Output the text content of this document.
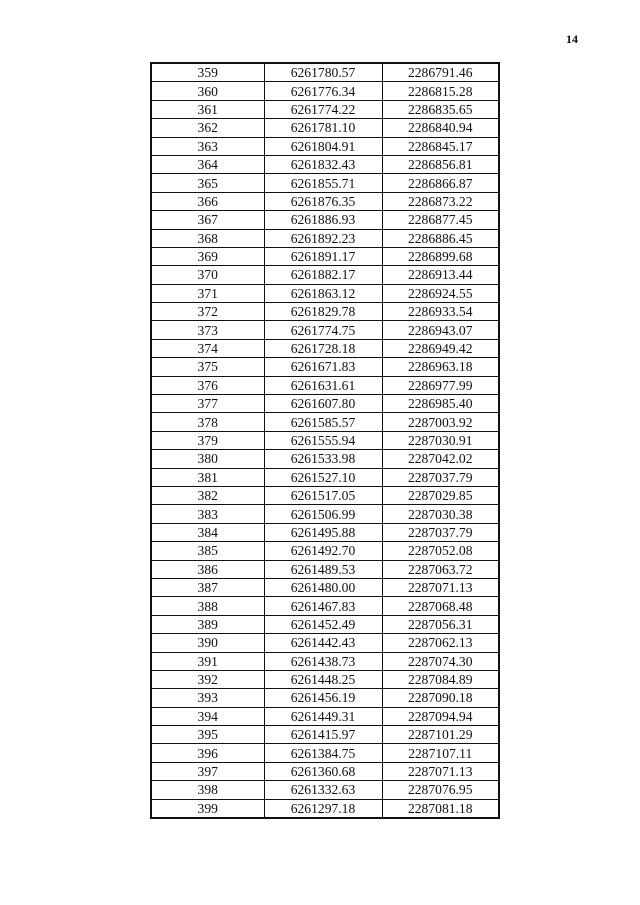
14
359	6261780.57	2286791.46
360	6261776.34	2286815.28
361	6261774.22	2286835.65
362	6261781.10	2286840.94
363	6261804.91	2286845.17
364	6261832.43	2286856.81
365	6261855.71	2286866.87
366	6261876.35	2286873.22
367	6261886.93	2286877.45
368	6261892.23	2286886.45
369	6261891.17	2286899.68
370	6261882.17	2286913.44
371	6261863.12	2286924.55
372	6261829.78	2286933.54
373	6261774.75	2286943.07
374	6261728.18	2286949.42
375	6261671.83	2286963.18
376	6261631.61	2286977.99
377	6261607.80	2286985.40
378	6261585.57	2287003.92
379	6261555.94	2287030.91
380	6261533.98	2287042.02
381	6261527.10	2287037.79
382	6261517.05	2287029.85
383	6261506.99	2287030.38
384	6261495.88	2287037.79
385	6261492.70	2287052.08
386	6261489.53	2287063.72
387	6261480.00	2287071.13
388	6261467.83	2287068.48
389	6261452.49	2287056.31
390	6261442.43	2287062.13
391	6261438.73	2287074.30
392	6261448.25	2287084.89
393	6261456.19	2287090.18
394	6261449.31	2287094.94
395	6261415.97	2287101.29
396	6261384.75	2287107.11
397	6261360.68	2287071.13
398	6261332.63	2287076.95
399	6261297.18	2287081.18
